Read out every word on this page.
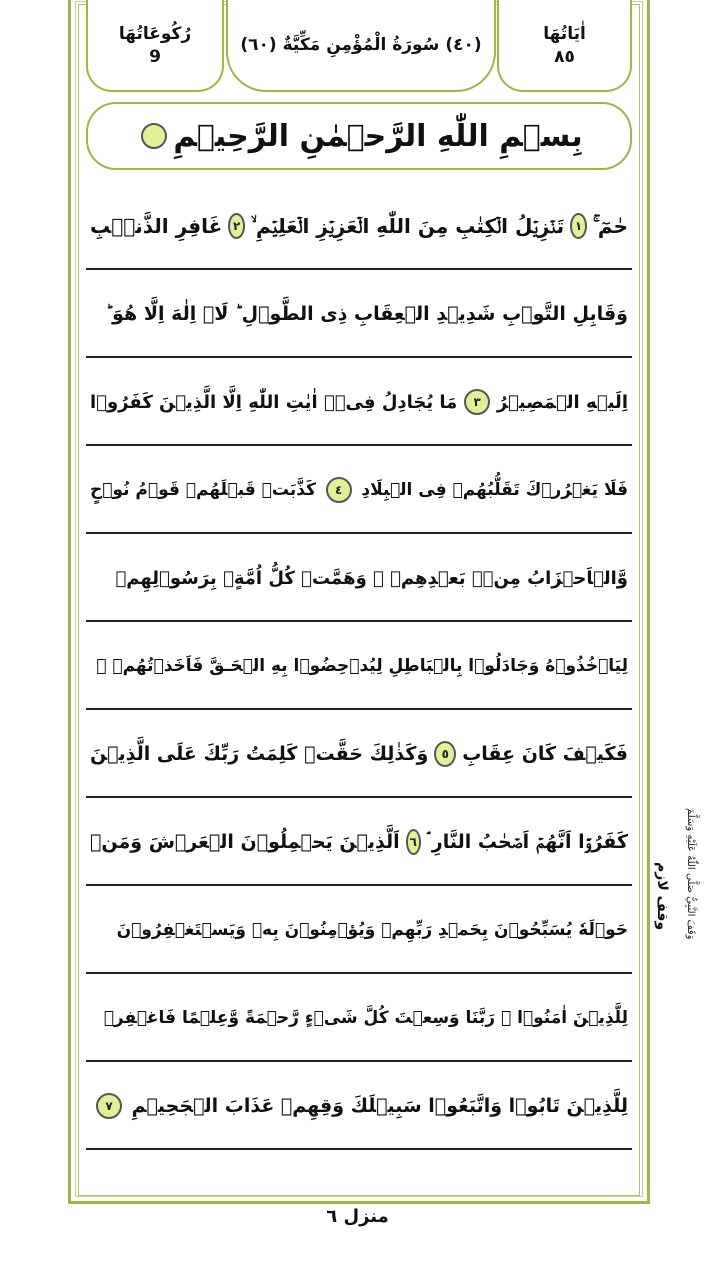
اٰيَاتُهَا
٨٥
(٤٠) سُورَةُ الْمُؤْمِنِ مَكِّيَّةٌ (٦٠)
رُکُوعَاتُهَا
9
بِسۡمِ اللّٰهِ الرَّحۡمٰنِ الرَّحِيۡمِ
حٰمٓ ۚ
١
تَنۡزِيۡلُ الۡكِتٰبِ مِنَ اللّٰهِ الۡعَزِيۡزِ الۡعَلِيۡمِ ۙ
٢
غَافِرِ الذَّنۡۢبِ
وَقَابِلِ التَّوۡبِ شَدِيۡدِ الۡعِقَابِ ذِى الطَّوۡلِ ؕ لَاۤ اِلٰهَ اِلَّا هُوَ ؕ
اِلَيۡهِ الۡمَصِيۡرُ
٣
مَا يُجَادِلُ فِىۡۤ اٰيٰتِ اللّٰهِ اِلَّا الَّذِيۡنَ كَفَرُوۡا
فَلَا يَغۡرُرۡكَ تَقَلُّبُهُمۡ فِى الۡبِلَادِ
٤
كَذَّبَتۡ قَبۡلَهُمۡ قَوۡمُ نُوۡحٍ
وَّالۡاَحۡزَابُ مِنۡۢ بَعۡدِهِمۡ ۖ وَهَمَّتۡ كُلُّ اُمَّةٍۢ بِرَسُوۡلِهِمۡ
لِيَاۡخُذُوۡهُ وَجَادَلُوۡا بِالۡبَاطِلِ لِيُدۡحِضُوۡا بِهِ الۡحَـقَّ فَاَخَذۡتُهُمۡ ۗ
فَكَيۡفَ كَانَ عِقَابِ
٥
وَكَذٰلِكَ حَقَّتۡ كَلِمَتُ رَبِّكَ عَلَى الَّذِيۡنَ
كَفَرُوۡۤا اَنَّهُمۡ اَصۡحٰبُ النَّارِ ۘ
٦
اَلَّذِيۡنَ يَحۡمِلُوۡنَ الۡعَرۡشَ وَمَنۡ
حَوۡلَهٗ يُسَبِّحُوۡنَ بِحَمۡدِ رَبِّهِمۡ وَيُؤۡمِنُوۡنَ بِهٖ وَيَسۡتَغۡفِرُوۡنَ
لِلَّذِيۡنَ اٰمَنُوۡا ۚ رَبَّنَا وَسِعۡتَ كُلَّ شَىۡءٍ رَّحۡمَةً وَّعِلۡمًا فَاغۡفِرۡ
لِلَّذِيۡنَ تَابُوۡا وَاتَّبَعُوۡا سَبِيۡلَكَ وَقِهِمۡ عَذَابَ الۡجَحِيۡمِ
٧
وَقَفَ النَّبِيُّ صَلَّى اللّٰهُ عَلَيْهِ وَسَلَّمَ
وقف لازم
منزل ٦
